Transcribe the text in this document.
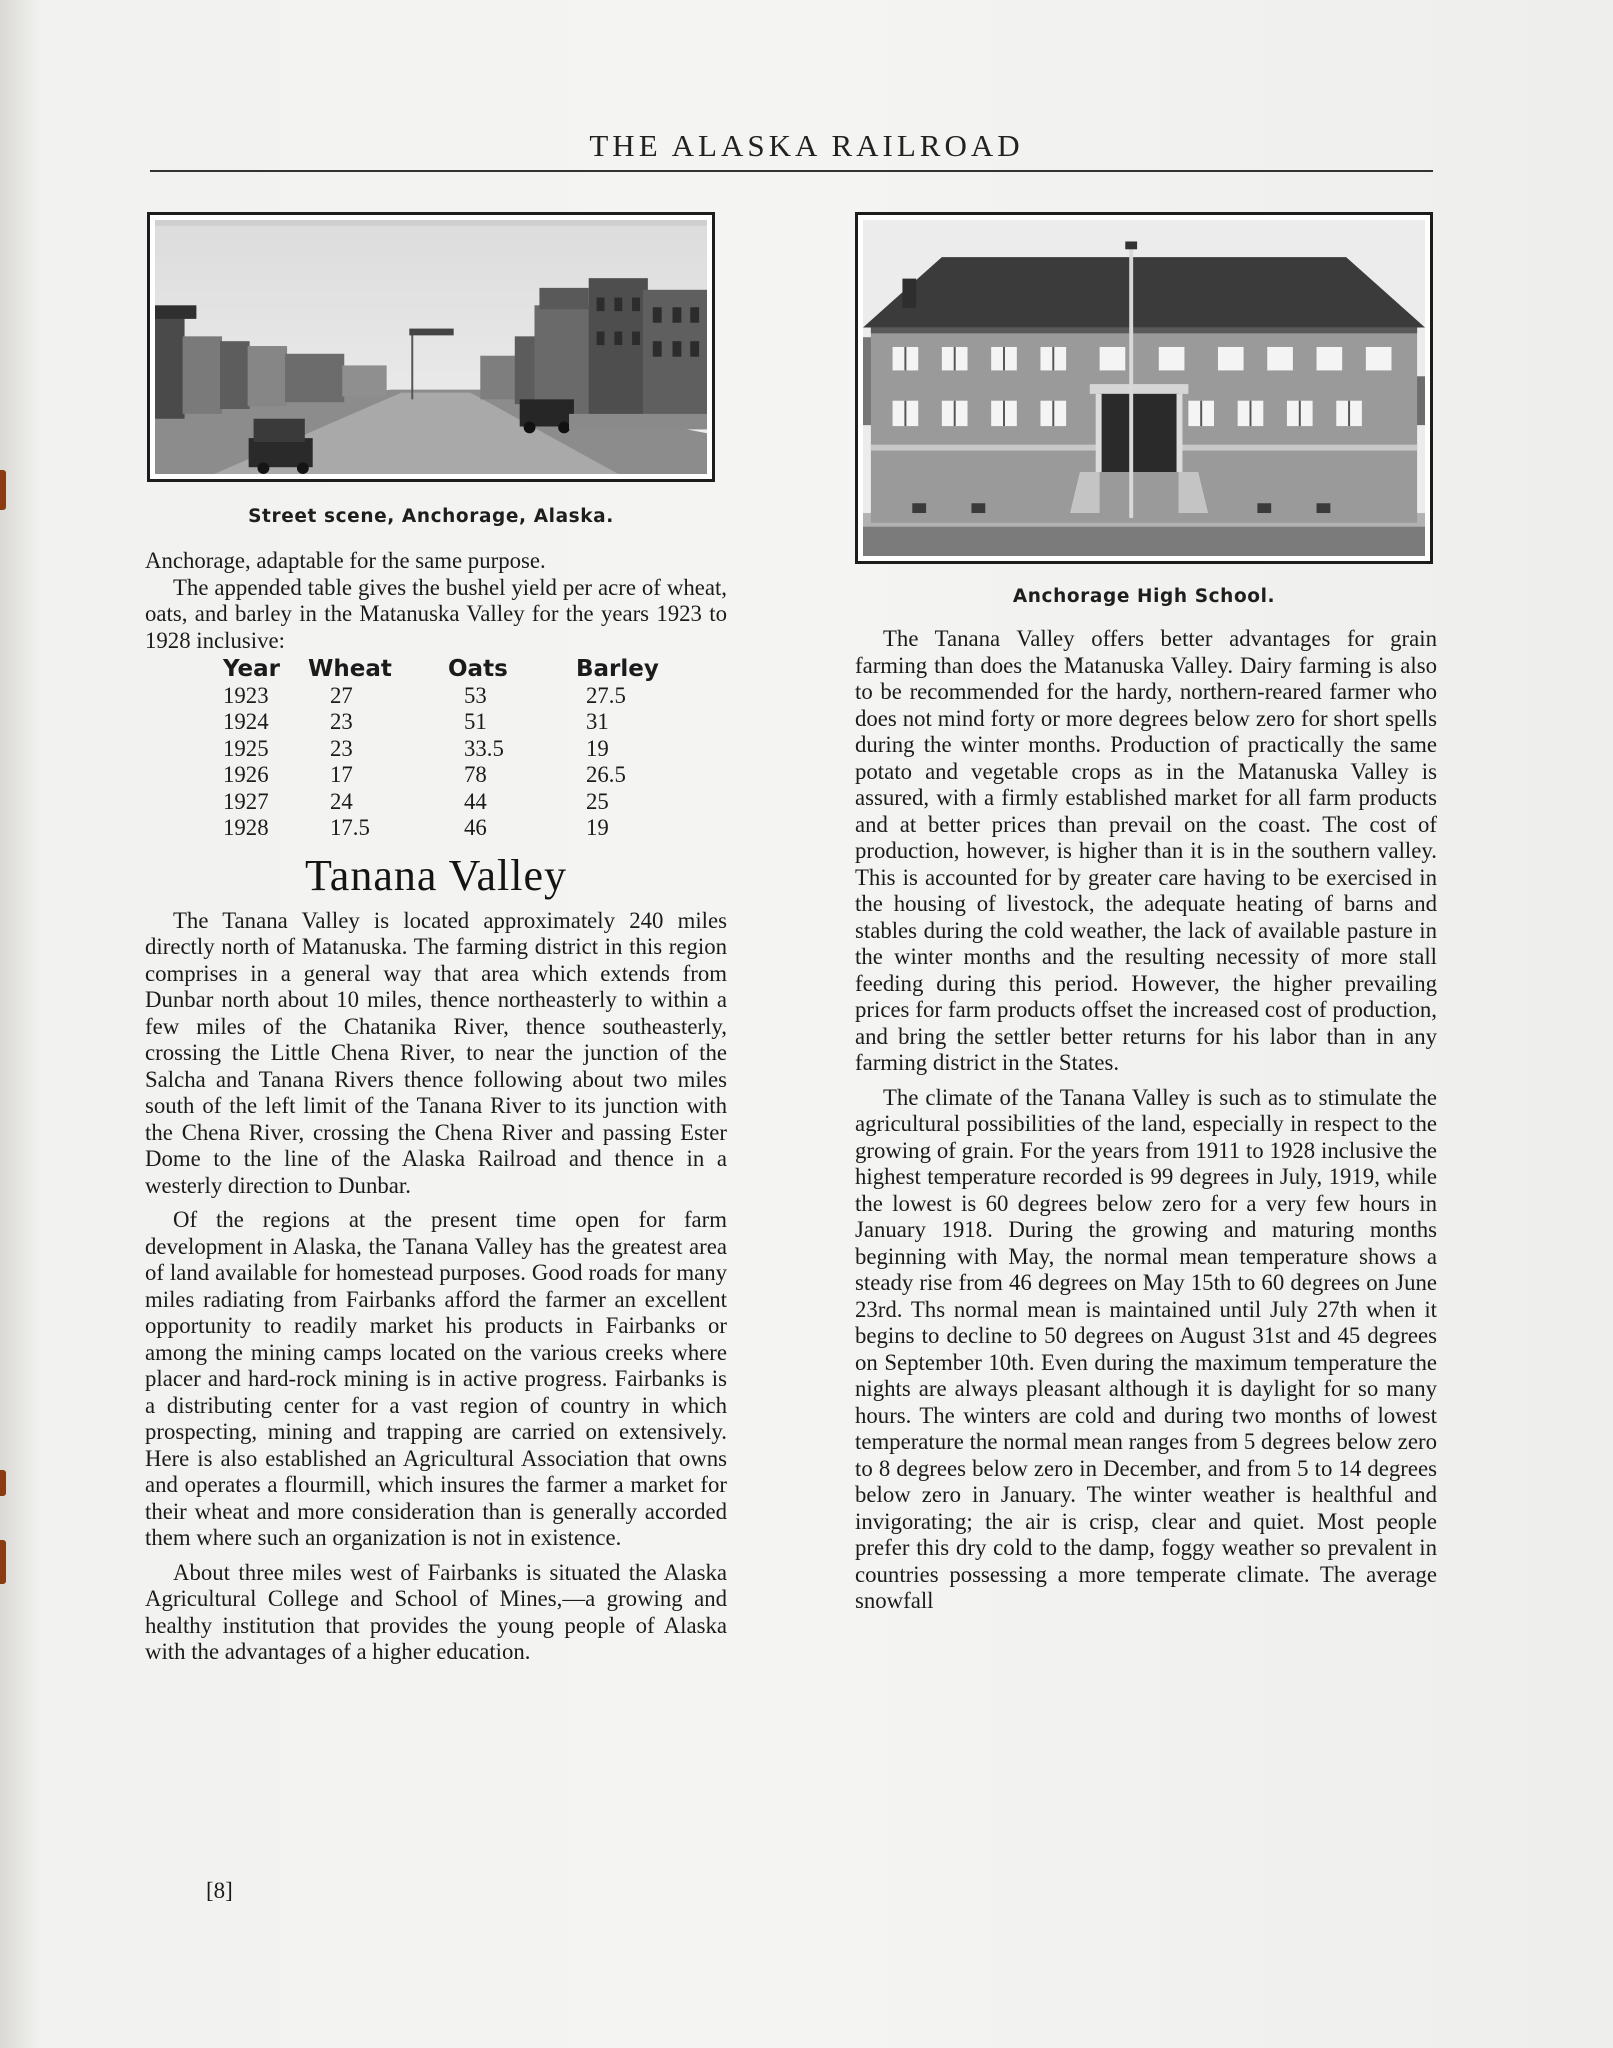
THE ALASKA RAILROAD
Street scene, Anchorage, Alaska.
Anchorage High School.

Anchorage, adaptable for the same purpose.

The appended table gives the bushel yield per acre of wheat, oats, and barley in the Matanuska Valley for the years 1923 to 1928 inclusive:

Year	Wheat	Oats	Barley
1923	27	53	27.5
1924	23	51	31
1925	23	33.5	19
1926	17	78	26.5
1927	24	44	25
1928	17.5	46	19
Tanana Valley

The Tanana Valley is located approximately 240 miles directly north of Matanuska. The farming district in this region comprises in a general way that area which extends from Dunbar north about 10 miles, thence northeasterly to within a few miles of the Chatanika River, thence southeasterly, crossing the Little Chena River, to near the junction of the Salcha and Tanana Rivers thence following about two miles south of the left limit of the Tanana River to its junction with the Chena River, crossing the Chena River and passing Ester Dome to the line of the Alaska Railroad and thence in a westerly direction to Dunbar.

Of the regions at the present time open for farm development in Alaska, the Tanana Valley has the greatest area of land available for homestead purposes. Good roads for many miles radiating from Fairbanks afford the farmer an excellent opportunity to readily market his products in Fairbanks or among the mining camps located on the various creeks where placer and hard-rock mining is in active progress. Fairbanks is a distributing center for a vast region of country in which prospecting, mining and trapping are carried on extensively. Here is also established an Agricultural Association that owns and operates a flourmill, which insures the farmer a market for their wheat and more consideration than is generally accorded them where such an organization is not in existence.

About three miles west of Fairbanks is situated the Alaska Agricultural College and School of Mines,—a growing and healthy institution that provides the young people of Alaska with the advantages of a higher education.

The Tanana Valley offers better advantages for grain farming than does the Matanuska Valley. Dairy farming is also to be recommended for the hardy, northern-reared farmer who does not mind forty or more degrees below zero for short spells during the winter months. Production of practically the same potato and vegetable crops as in the Matanuska Valley is assured, with a firmly established market for all farm products and at better prices than prevail on the coast. The cost of production, however, is higher than it is in the southern valley. This is accounted for by greater care having to be exercised in the housing of livestock, the adequate heating of barns and stables during the cold weather, the lack of available pasture in the winter months and the resulting necessity of more stall feeding during this period. However, the higher prevailing prices for farm products offset the increased cost of production, and bring the settler better returns for his labor than in any farming district in the States.

The climate of the Tanana Valley is such as to stimulate the agricultural possibilities of the land, especially in respect to the growing of grain. For the years from 1911 to 1928 inclusive the highest temperature recorded is 99 degrees in July, 1919, while the lowest is 60 degrees below zero for a very few hours in January 1918. During the growing and maturing months beginning with May, the normal mean temperature shows a steady rise from 46 degrees on May 15th to 60 degrees on June 23rd. Ths normal mean is maintained until July 27th when it begins to decline to 50 degrees on August 31st and 45 degrees on September 10th. Even during the maximum temperature the nights are always pleasant although it is daylight for so many hours. The winters are cold and during two months of lowest temperature the normal mean ranges from 5 degrees below zero to 8 degrees below zero in December, and from 5 to 14 degrees below zero in January. The winter weather is healthful and invigorating; the air is crisp, clear and quiet. Most people prefer this dry cold to the damp, foggy weather so prevalent in countries possessing a more temperate climate. The average snowfall

[8]
